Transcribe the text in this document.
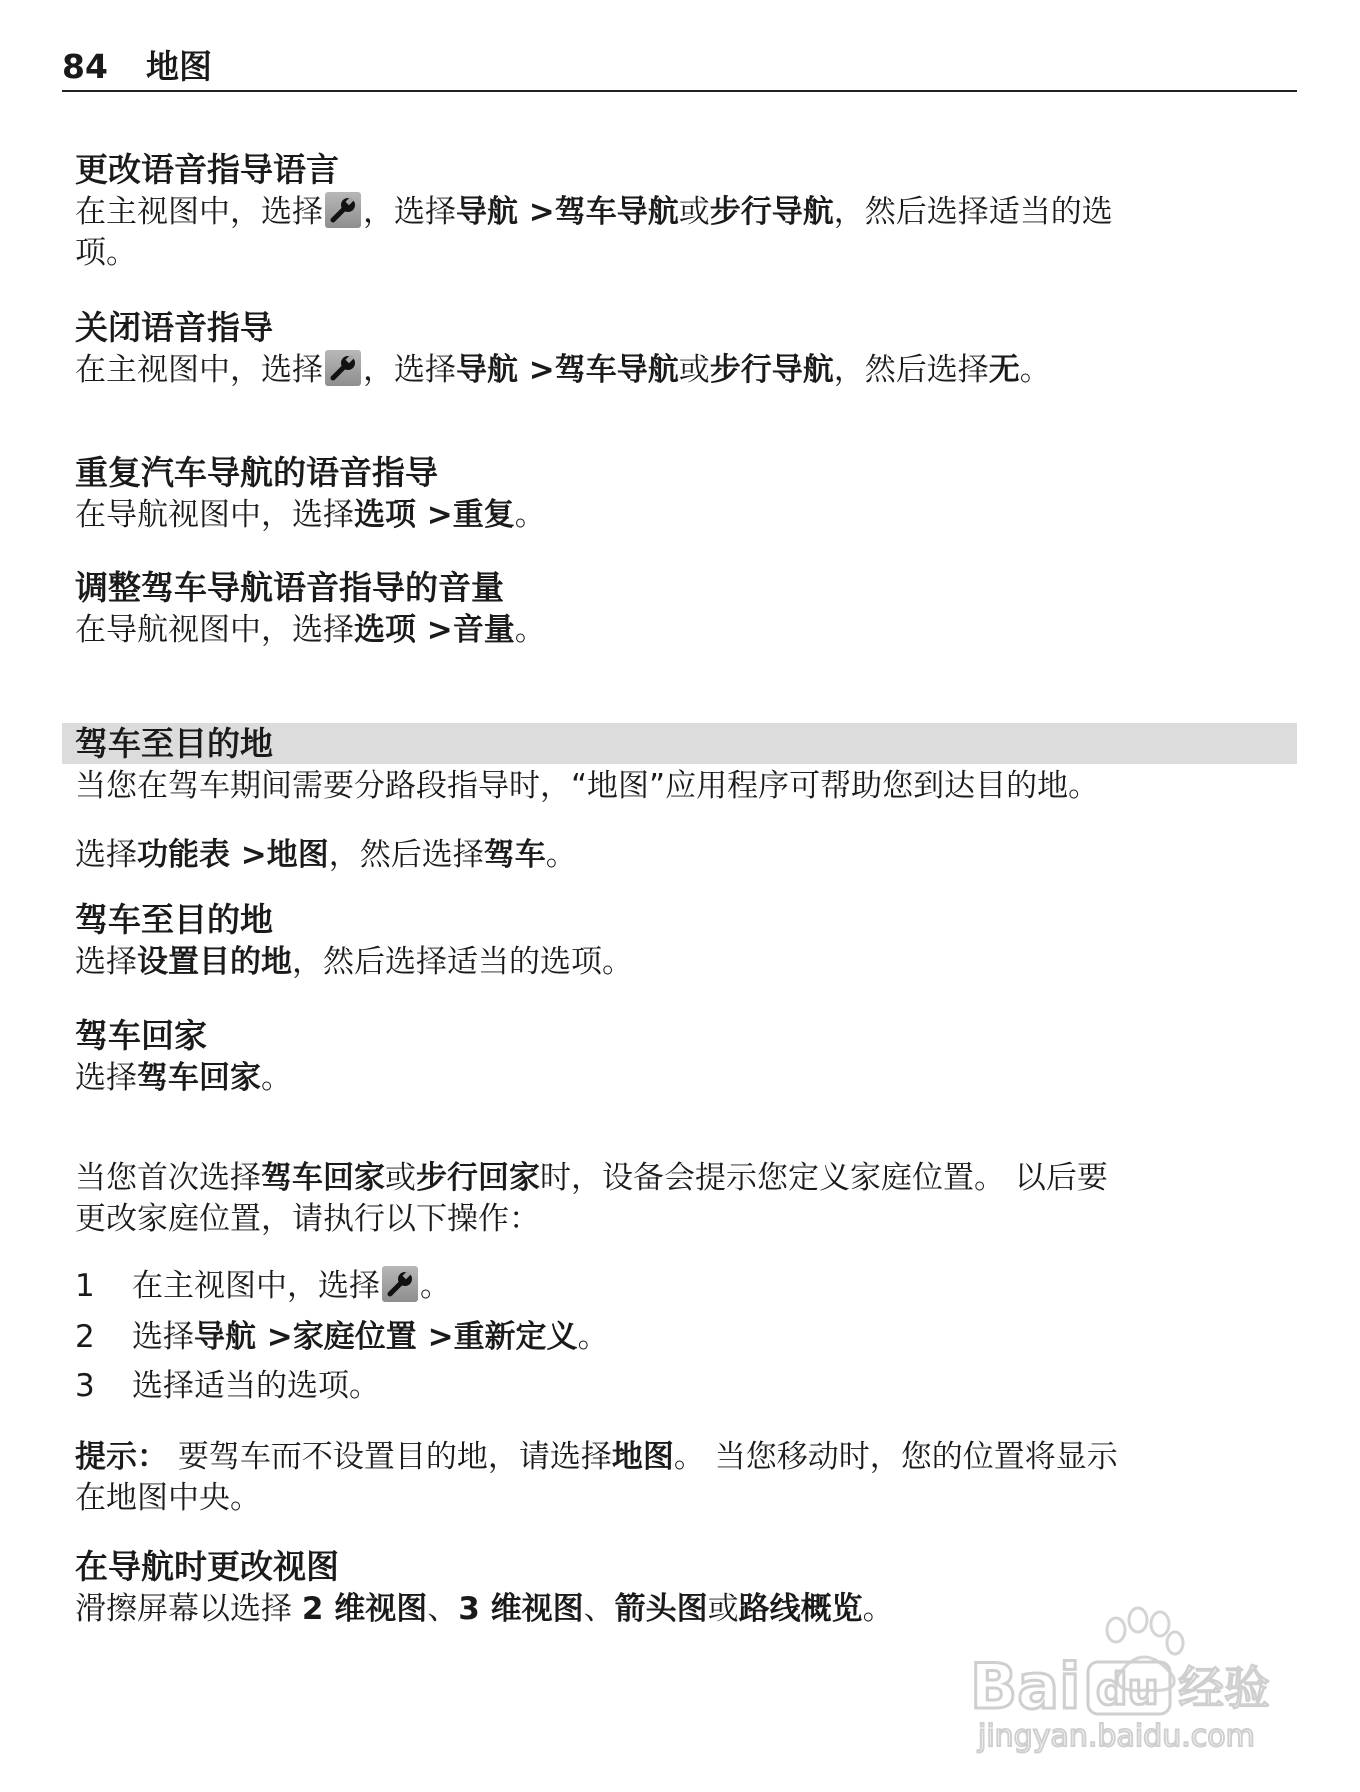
84 地图

更改语音指导语言

在主视图中，选择 ，选择导航 >驾车导航或步行导航，然后选择适当的选
项。

关闭语音指导

在主视图中，选择 ，选择导航 >驾车导航或步行导航，然后选择无。

重复汽车导航的语音指导

在导航视图中，选择选项 >重复。

调整驾车导航语音指导的音量

在导航视图中，选择选项 >音量。

驾车至目的地

当您在驾车期间需要分路段指导时，“地图”应用程序可帮助您到达目的地。

选择功能表 >地图，然后选择驾车。

驾车至目的地

选择设置目的地，然后选择适当的选项。

驾车回家

选择驾车回家。

当您首次选择驾车回家或步行回家时，设备会提示您定义家庭位置。 以后要
更改家庭位置，请执行以下操作：

1	在主视图中，选择 。
2	选择导航 >家庭位置 >重新定义。
3	选择适当的选项。

提示： 要驾车而不设置目的地，请选择地图。 当您移动时，您的位置将显示
在地图中央。

在导航时更改视图

滑擦屏幕以选择 2 维视图、3 维视图、箭头图或路线概览。

Bai du 经验
jingyan.baidu.com
